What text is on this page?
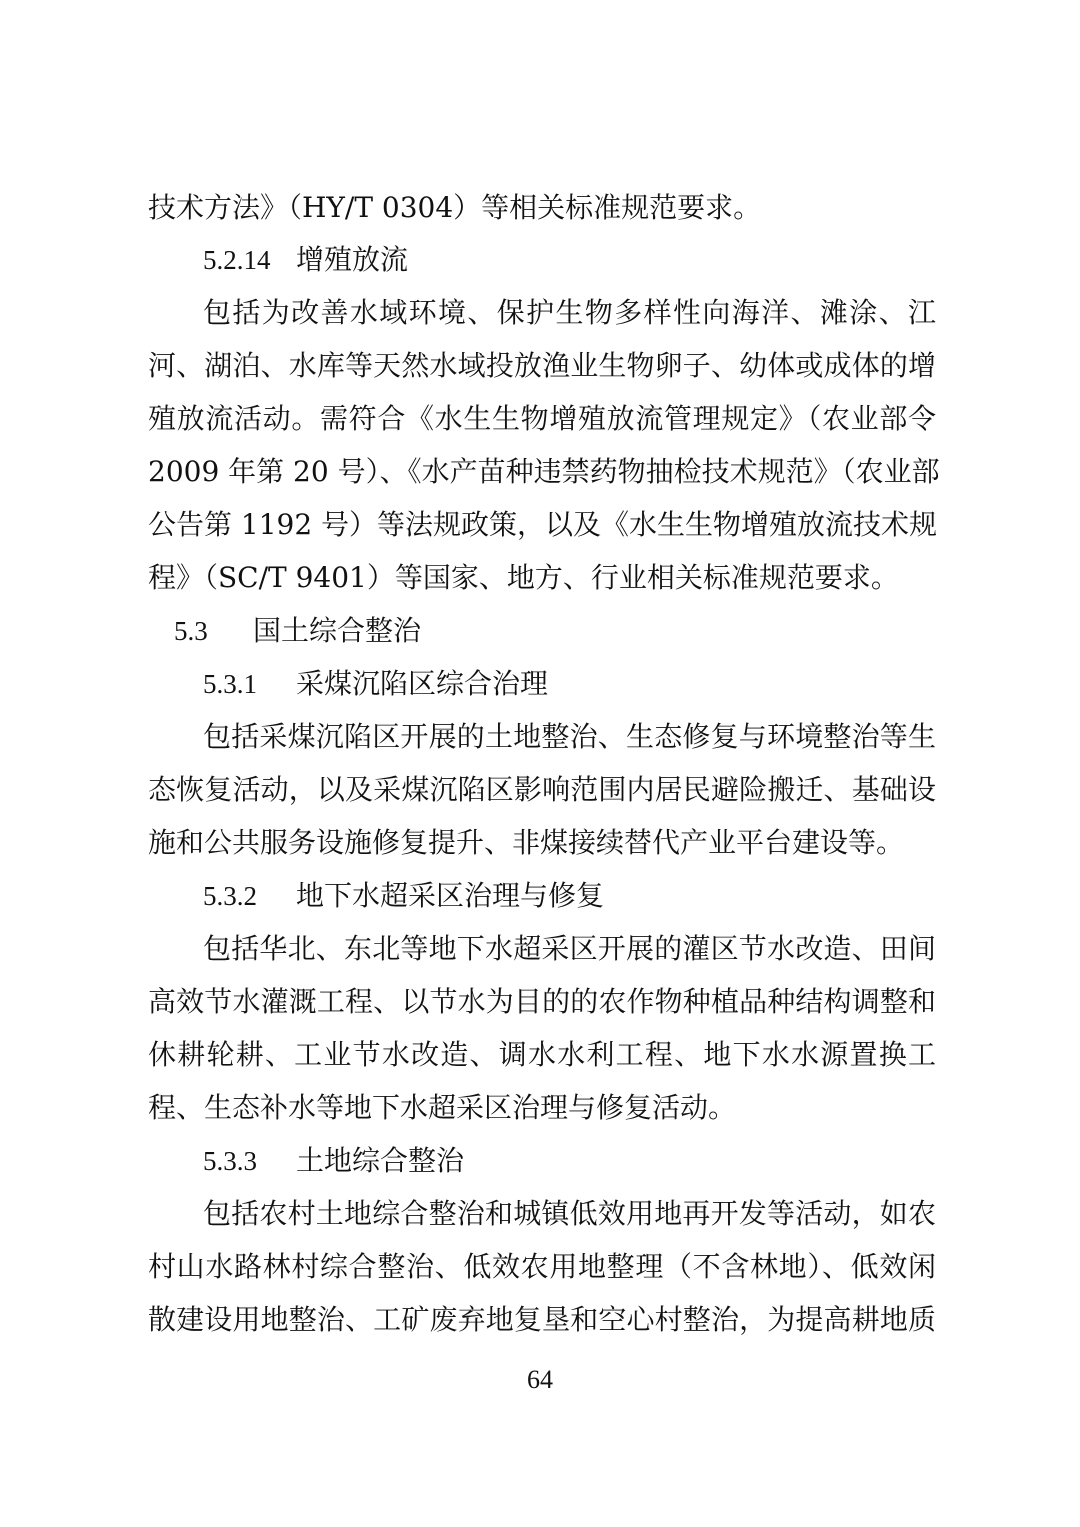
技术方法》（HY/T 0304）等相关标准规范要求。
5.2.14 增殖放流
包括为改善水域环境、保护生物多样性向海洋、滩涂、江
河、湖泊、水库等天然水域投放渔业生物卵子、幼体或成体的增
殖放流活动。需符合《水生生物增殖放流管理规定》（农业部令
2009 年第 20 号）、《水产苗种违禁药物抽检技术规范》（农业部
公告第 1192 号）等法规政策，以及《水生生物增殖放流技术规
程》（SC/T 9401）等国家、地方、行业相关标准规范要求。
5.3 国土综合整治
5.3.1 采煤沉陷区综合治理
包括采煤沉陷区开展的土地整治、生态修复与环境整治等生
态恢复活动，以及采煤沉陷区影响范围内居民避险搬迁、基础设
施和公共服务设施修复提升、非煤接续替代产业平台建设等。
5.3.2 地下水超采区治理与修复
包括华北、东北等地下水超采区开展的灌区节水改造、田间
高效节水灌溉工程、以节水为目的的农作物种植品种结构调整和
休耕轮耕、工业节水改造、调水水利工程、地下水水源置换工
程、生态补水等地下水超采区治理与修复活动。
5.3.3 土地综合整治
包括农村土地综合整治和城镇低效用地再开发等活动，如农
村山水路林村综合整治、低效农用地整理（不含林地）、低效闲
散建设用地整治、工矿废弃地复垦和空心村整治，为提高耕地质
64
